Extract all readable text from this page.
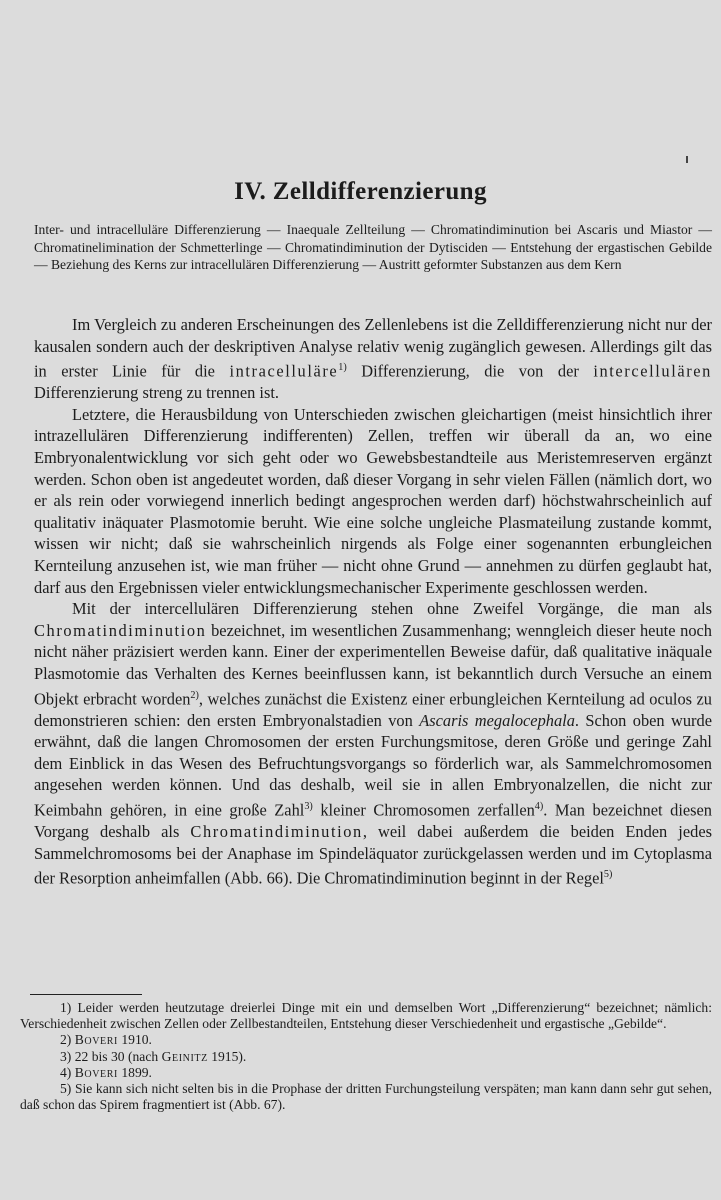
IV. Zelldifferenzierung
Inter- und intracelluläre Differenzierung — Inaequale Zellteilung — Chromatindiminution bei Ascaris und Miastor — Chromatinelimination der Schmetterlinge — Chromatindiminution der Dytisciden — Entstehung der ergastischen Gebilde — Beziehung des Kerns zur intracellulären Differenzierung — Austritt geformter Substanzen aus dem Kern

Im Vergleich zu anderen Erscheinungen des Zellenlebens ist die Zelldifferenzierung nicht nur der kausalen sondern auch der deskriptiven Analyse relativ wenig zugänglich gewesen. Allerdings gilt das in erster Linie für die intracelluläre$^{1)}$ Differenzierung, die von der intercellulären Differenzierung streng zu trennen ist.

Letztere, die Herausbildung von Unterschieden zwischen gleichartigen (meist hinsichtlich ihrer intrazellulären Differenzierung indifferenten) Zellen, treffen wir überall da an, wo eine Embryonalentwicklung vor sich geht oder wo Gewebsbestandteile aus Meristemreserven ergänzt werden. Schon oben ist angedeutet worden, daß dieser Vorgang in sehr vielen Fällen (nämlich dort, wo er als rein oder vorwiegend innerlich bedingt angesprochen werden darf) höchstwahrscheinlich auf qualitativ inäquater Plasmotomie beruht. Wie eine solche ungleiche Plasmateilung zustande kommt, wissen wir nicht; daß sie wahrscheinlich nirgends als Folge einer sogenannten erbungleichen Kernteilung anzusehen ist, wie man früher — nicht ohne Grund — annehmen zu dürfen geglaubt hat, darf aus den Ergebnissen vieler entwicklungsmechanischer Experimente geschlossen werden.

Mit der intercellulären Differenzierung stehen ohne Zweifel Vorgänge, die man als Chromatindiminution bezeichnet, im wesentlichen Zusammenhang; wenngleich dieser heute noch nicht näher präzisiert werden kann. Einer der experimentellen Beweise dafür, daß qualitative inäquale Plasmotomie das Verhalten des Kernes beeinflussen kann, ist bekanntlich durch Versuche an einem Objekt erbracht worden$^{2)}$, welches zunächst die Existenz einer erbungleichen Kernteilung ad oculos zu demonstrieren schien: den ersten Embryonalstadien von Ascaris megalocephala. Schon oben wurde erwähnt, daß die langen Chromosomen der ersten Furchungsmitose, deren Größe und geringe Zahl dem Einblick in das Wesen des Befruchtungsvorgangs so förderlich war, als Sammelchromosomen angesehen werden können. Und das deshalb, weil sie in allen Embryonalzellen, die nicht zur Keimbahn gehören, in eine große Zahl$^{3)}$ kleiner Chromosomen zerfallen$^{4)}$. Man bezeichnet diesen Vorgang deshalb als Chromatindiminution, weil dabei außerdem die beiden Enden jedes Sammelchromosoms bei der Anaphase im Spindeläquator zurückgelassen werden und im Cytoplasma der Resorption anheimfallen (Abb. 66). Die Chromatindiminution beginnt in der Regel$^{5)}$

1) Leider werden heutzutage dreierlei Dinge mit ein und demselben Wort „Differenzierung“ bezeichnet; nämlich: Verschiedenheit zwischen Zellen oder Zellbestandteilen, Entstehung dieser Verschiedenheit und ergastische „Gebilde“.

2) Boveri 1910.

3) 22 bis 30 (nach Geinitz 1915).

4) Boveri 1899.

5) Sie kann sich nicht selten bis in die Prophase der dritten Furchungsteilung verspäten; man kann dann sehr gut sehen, daß schon das Spirem fragmentiert ist (Abb. 67).
